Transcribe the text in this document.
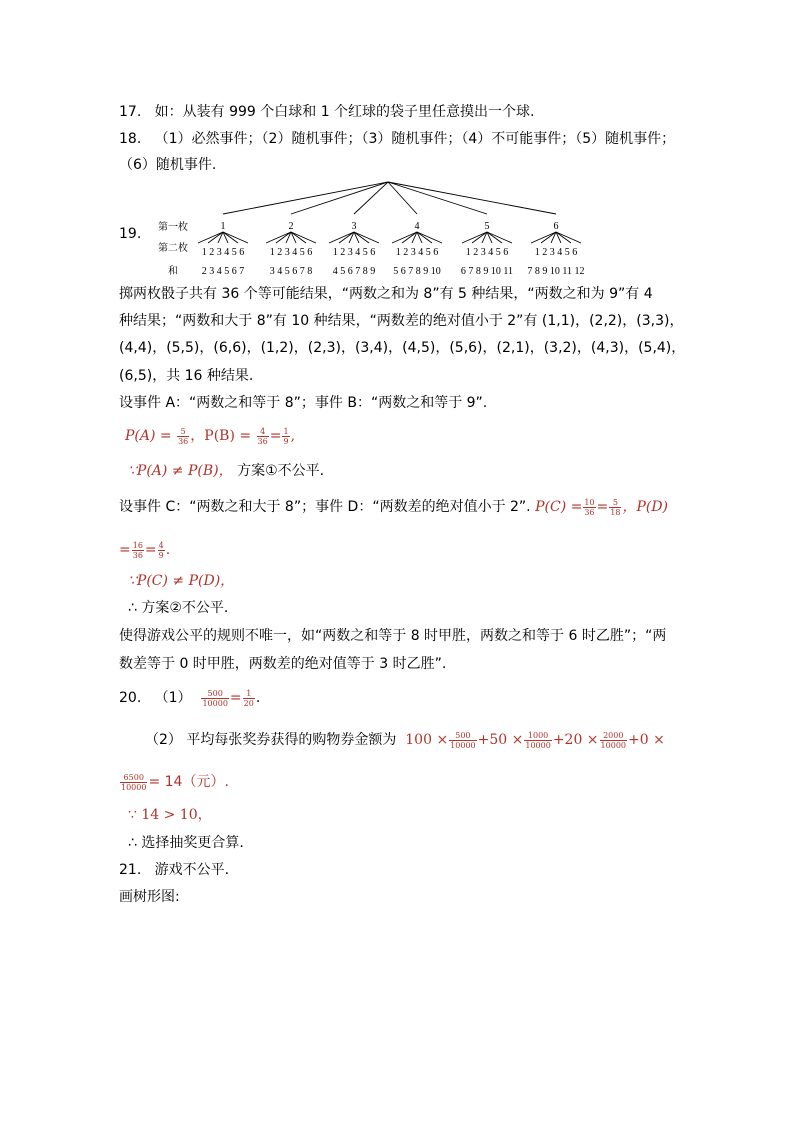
17. 如：从装有 999 个白球和 1 个红球的袋子里任意摸出一个球.
18. （1）必然事件；（2）随机事件；（3）随机事件；（4）不可能事件；（5）随机事件；
（6）随机事件.
19. 第一枚
第二枚
和
1
1 2 3 4 5 6
2 3 4 5 6 7
2
1 2 3 4 5 6
3 4 5 6 7 8
3
1 2 3 4 5 6
4 5 6 7 8 9
4
1 2 3 4 5 6
5 6 7 8 9 10
5
1 2 3 4 5 6
6 7 8 9 10 11
6
1 2 3 4 5 6
7 8 9 10 11 12
掷两枚骰子共有 36 个等可能结果，“两数之和为 8”有 5 种结果，“两数之和为 9”有 4
种结果；“两数和大于 8”有 10 种结果，“两数差的绝对值小于 2”有 (1,1)，(2,2)，(3,3)，
(4,4)，(5,5)，(6,6)，(1,2)，(2,3)，(3,4)，(4,5)，(5,6)，(2,1)，(3,2)，(4,3)，(5,4)，
(6,5)，共 16 种结果.
设事件 A：“两数之和等于 8”；事件 B：“两数之和等于 9”.
$P(A) = \frac{5}{36}$ ，$P(B) = \frac{4}{36} = \frac{1}{9}$ ,
∵P(A) ≠ P(B)， 方案①不公平.
设事件 C：“两数之和大于 8”；事件 D：“两数差的绝对值小于 2”. $P(C) = \frac{10}{36} = \frac{5}{18}$ ，P(D)
= $\frac{16}{36} = \frac{4}{9}$ .
∵P(C) ≠ P(D)，
∴ 方案②不公平.
使得游戏公平的规则不唯一，如“两数之和等于 8 时甲胜，两数之和等于 6 时乙胜”；“两
数差等于 0 时甲胜，两数差的绝对值等于 3 时乙胜”.
20. $(1) \frac{500}{10000} = \frac{1}{20}$ .
（2） 平均每张奖券获得的购物券金额为 $100 \times \frac{500}{10000} +50 \times \frac{1000}{10000} +20 \times \frac{2000}{10000} +0$ ×
$\frac{6500}{10000} = 14$（元）.
∵ 14 > 10，
∴ 选择抽奖更合算.
21. 游戏不公平.
画树形图:
